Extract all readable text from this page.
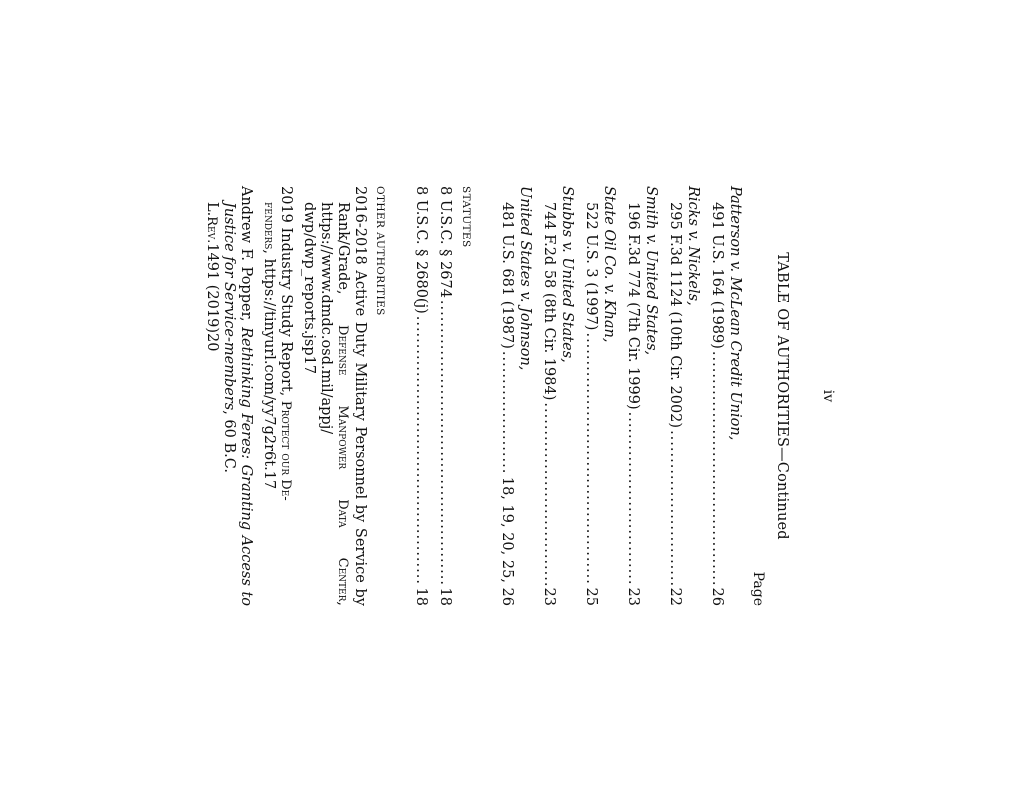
iv
TABLE OF AUTHORITIES—Continued
Page
Patterson v. McLean Credit Union,
491 U.S. 164 (1989)
.....
26
Ricks v. Nickels,
295 F.3d 1124 (10th Cir. 2002)
.....
22
Smith v. United States,
196 F.3d 774 (7th Cir. 1999)
.....
23
State Oil Co. v. Khan,
522 U.S. 3 (1997)
.....
25
Stubbs v. United States,
744 F.2d 58 (8th Cir. 1984)
.....
23
United States v. Johnson,
481 U.S. 681 (1987)
.....
18, 19, 20, 25, 26
STATUTES
8 U.S.C. § 2674
.....
18
8 U.S.C. § 2680(j)
.....
18
OTHER AUTHORITIES
2016-2018 Active Duty Military Personnel by Service by Rank/Grade, Defense Manpower Data Center, https://www.dmdc.osd.mil/appj/
dwp/dwp_reports.jsp
17
2019 Industry Study Report, Protect our De-
fenders
, https://tinyurl.com/yy7g2r6t.
17
Andrew F. Popper, Rethinking Feres: Granting Access to Justice for Service-members, 60 B.C.
L.
Rev.
1491 (2019)
20
